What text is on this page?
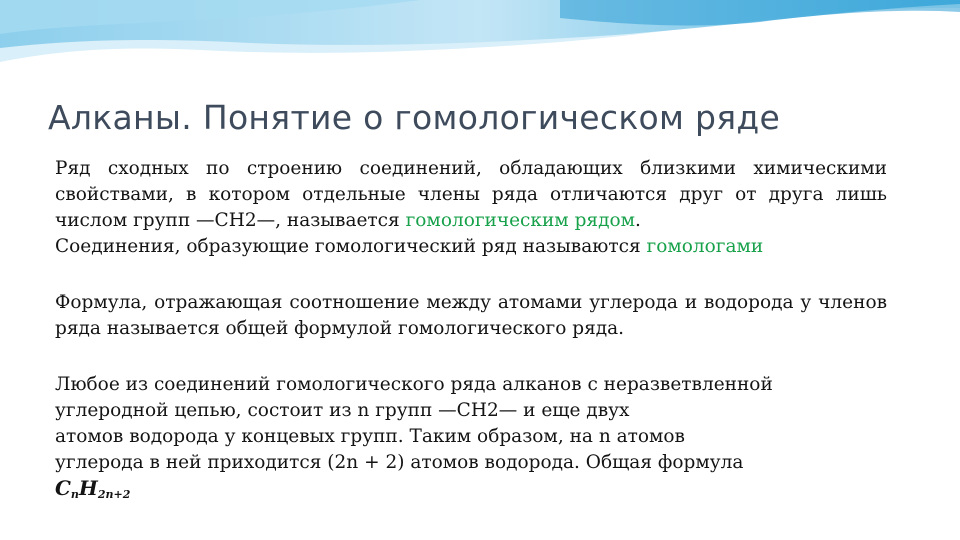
Алканы. Понятие о гомологическом ряде

Ряд сходных по строению соединений, обладающих близкими химическими свойствами, в котором отдельные члены ряда отличаются друг от друга лишь числом групп —CH2—, называется гомологическим рядом.

Соединения, образующие гомологический ряд называются гомологами

Формула, отражающая соотношение между атомами углерода и водорода у членов ряда называется общей формулой гомологического ряда.

Любое из соединений гомологического ряда алканов с неразветвленной
углеродной цепью, состоит из n групп —CH2— и еще двух
атомов водорода у концевых групп. Таким образом, на n атомов
углерода в ней приходится (2n + 2) атомов водорода. Общая формула

$C_nH_{2n+2}$
